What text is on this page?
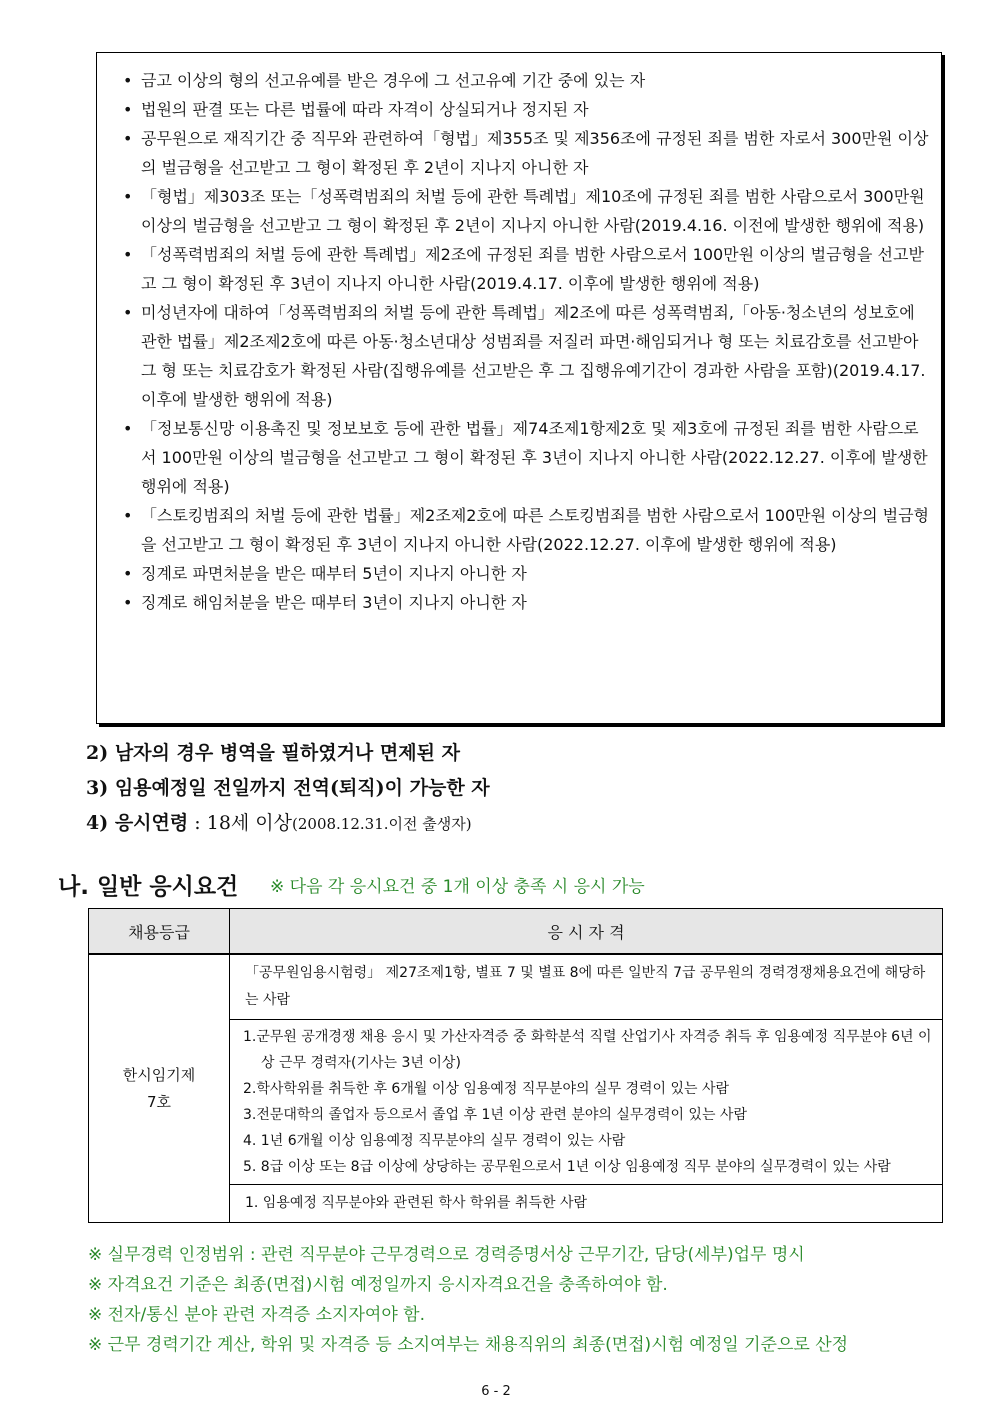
• 금고 이상의 형의 선고유예를 받은 경우에 그 선고유예 기간 중에 있는 자
• 법원의 판결 또는 다른 법률에 따라 자격이 상실되거나 정지된 자
• 공무원으로 재직기간 중 직무와 관련하여「형법」제355조 및 제356조에 규정된 죄를 범한 자로서 300만원 이상의 벌금형을 선고받고 그 형이 확정된 후 2년이 지나지 아니한 자
• 「형법」제303조 또는「성폭력범죄의 처벌 등에 관한 특례법」제10조에 규정된 죄를 범한 사람으로서 300만원 이상의 벌금형을 선고받고 그 형이 확정된 후 2년이 지나지 아니한 사람(2019.4.16. 이전에 발생한 행위에 적용)
• 「성폭력범죄의 처벌 등에 관한 특례법」제2조에 규정된 죄를 범한 사람으로서 100만원 이상의 벌금형을 선고받고 그 형이 확정된 후 3년이 지나지 아니한 사람(2019.4.17. 이후에 발생한 행위에 적용)
• 미성년자에 대하여「성폭력범죄의 처벌 등에 관한 특례법」제2조에 따른 성폭력범죄,「아동·청소년의 성보호에 관한 법률」제2조제2호에 따른 아동·청소년대상 성범죄를 저질러 파면·해임되거나 형 또는 치료감호를 선고받아 그 형 또는 치료감호가 확정된 사람(집행유예를 선고받은 후 그 집행유예기간이 경과한 사람을 포함)(2019.4.17. 이후에 발생한 행위에 적용)
• 「정보통신망 이용촉진 및 정보보호 등에 관한 법률」제74조제1항제2호 및 제3호에 규정된 죄를 범한 사람으로서 100만원 이상의 벌금형을 선고받고 그 형이 확정된 후 3년이 지나지 아니한 사람(2022.12.27. 이후에 발생한 행위에 적용)
• 「스토킹범죄의 처벌 등에 관한 법률」제2조제2호에 따른 스토킹범죄를 범한 사람으로서 100만원 이상의 벌금형을 선고받고 그 형이 확정된 후 3년이 지나지 아니한 사람(2022.12.27. 이후에 발생한 행위에 적용)
• 징계로 파면처분을 받은 때부터 5년이 지나지 아니한 자
• 징계로 해임처분을 받은 때부터 3년이 지나지 아니한 자
2) 남자의 경우 병역을 필하였거나 면제된 자
3) 임용예정일 전일까지 전역(퇴직)이 가능한 자
4) 응시연령 : 18세 이상(2008.12.31.이전 출생자)
나. 일반 응시요건 ※ 다음 각 응시요건 중 1개 이상 충족 시 응시 가능
채용등급	응 시 자 격

한시임기제
7호	「공무원임용시험령」 제27조제1항, 별표 7 및 별표 8에 따른 일반직 7급 공무원의 경력경쟁채용요건에 해당하는 사람

	1.군무원 공개경쟁 채용 응시 및 가산자격증 중 화학분석 직렬 산업기사 자격증 취득 후 임용예정 직무분야 6년 이상 근무 경력자(기사는 3년 이상)
2.학사학위를 취득한 후 6개월 이상 임용예정 직무분야의 실무 경력이 있는 사람
3.전문대학의 졸업자 등으로서 졸업 후 1년 이상 관련 분야의 실무경력이 있는 사람
4. 1년 6개월 이상 임용예정 직무분야의 실무 경력이 있는 사람
5. 8급 이상 또는 8급 이상에 상당하는 공무원으로서 1년 이상 임용예정 직무 분야의 실무경력이 있는 사람

	1. 임용예정 직무분야와 관련된 학사 학위를 취득한 사람
※ 실무경력 인정범위 : 관련 직무분야 근무경력으로 경력증명서상 근무기간, 담당(세부)업무 명시
※ 자격요건 기준은 최종(면접)시험 예정일까지 응시자격요건을 충족하여야 함.
※ 전자/통신 분야 관련 자격증 소지자여야 함.
※ 근무 경력기간 계산, 학위 및 자격증 등 소지여부는 채용직위의 최종(면접)시험 예정일 기준으로 산정
6 - 2
